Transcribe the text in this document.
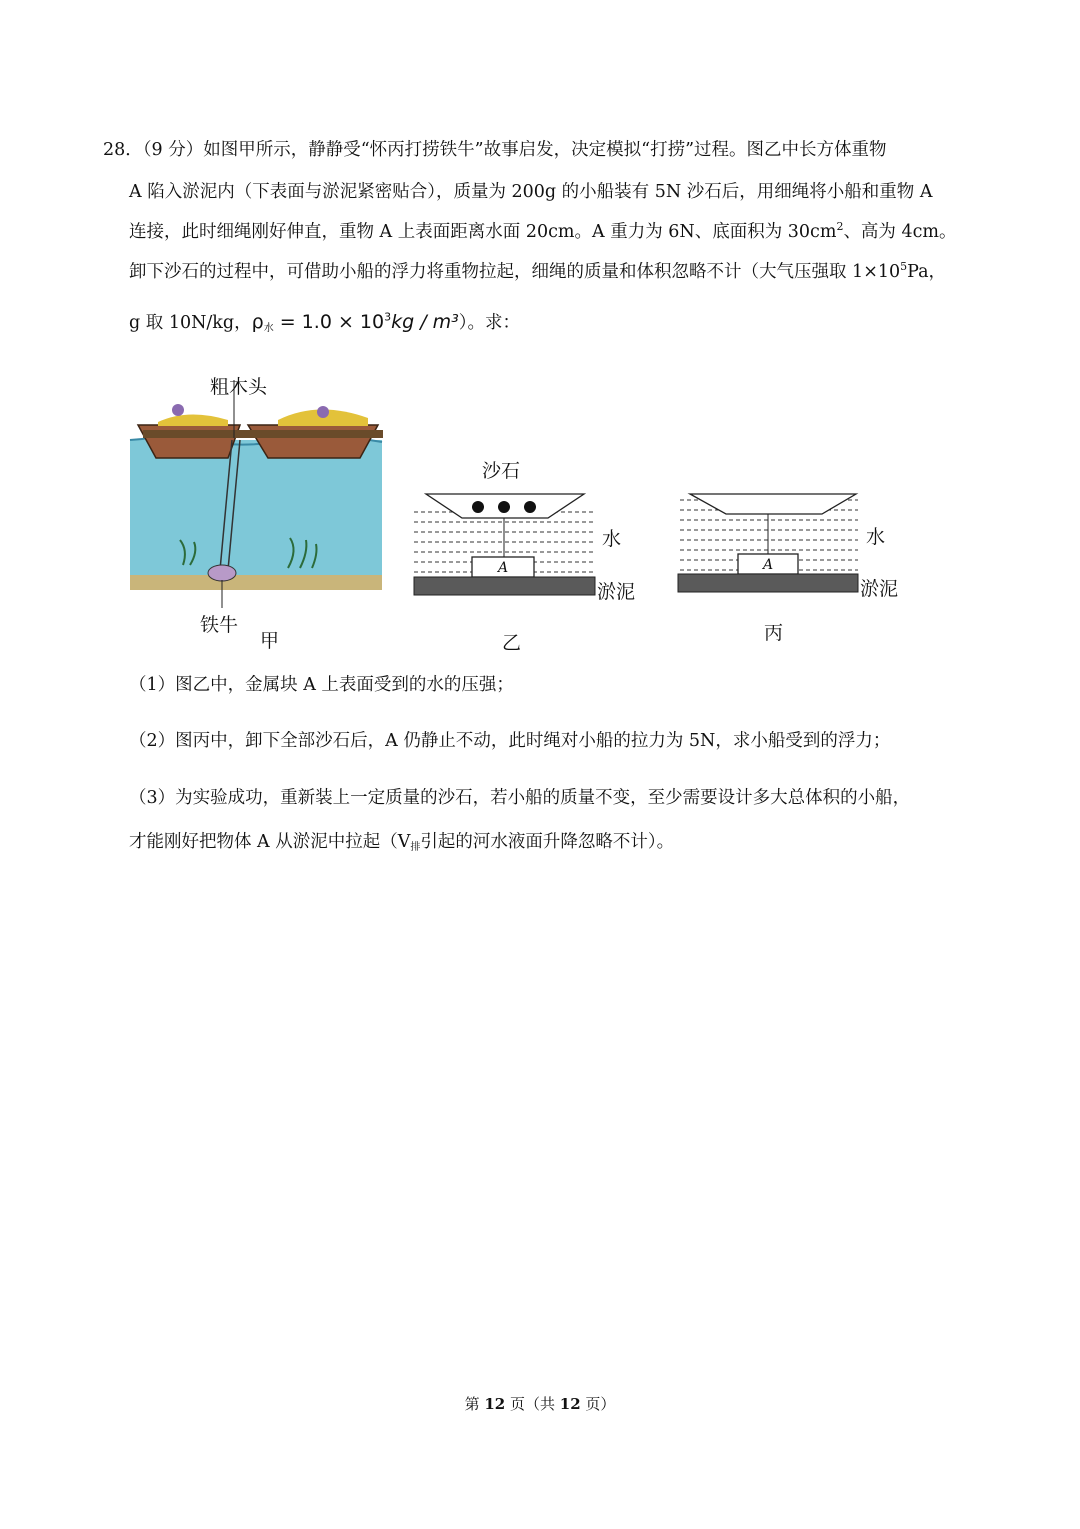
28．（9 分）如图甲所示，静静受“怀丙打捞铁牛”故事启发，决定模拟“打捞”过程。图乙中长方体重物
A 陷入淤泥内（下表面与淤泥紧密贴合），质量为 200g 的小船装有 5N 沙石后，用细绳将小船和重物 A
连接，此时细绳刚好伸直，重物 A 上表面距离水面 20cm。A 重力为 6N、底面积为 $30cm^2$、高为 4cm。
卸下沙石的过程中，可借助小船的浮力将重物拉起，细绳的质量和体积忽略不计（大气压强取 $1\times 10^5Pa$，
g 取 10N/kg，$\rho_水 = 1.0 \times 10^3kg / m^3$）。求：
粗木头
铁牛
甲
A
沙石
水
淤泥
乙
A
水
淤泥
丙
（1）图乙中，金属块 A 上表面受到的水的压强；
（2）图丙中，卸下全部沙石后，A 仍静止不动，此时绳对小船的拉力为 5N，求小船受到的浮力；
（3）为实验成功，重新装上一定质量的沙石，若小船的质量不变，至少需要设计多大总体积的小船，
才能刚好把物体 A 从淤泥中拉起（$V_排$引起的河水液面升降忽略不计）。
第 12 页（共 12 页）
